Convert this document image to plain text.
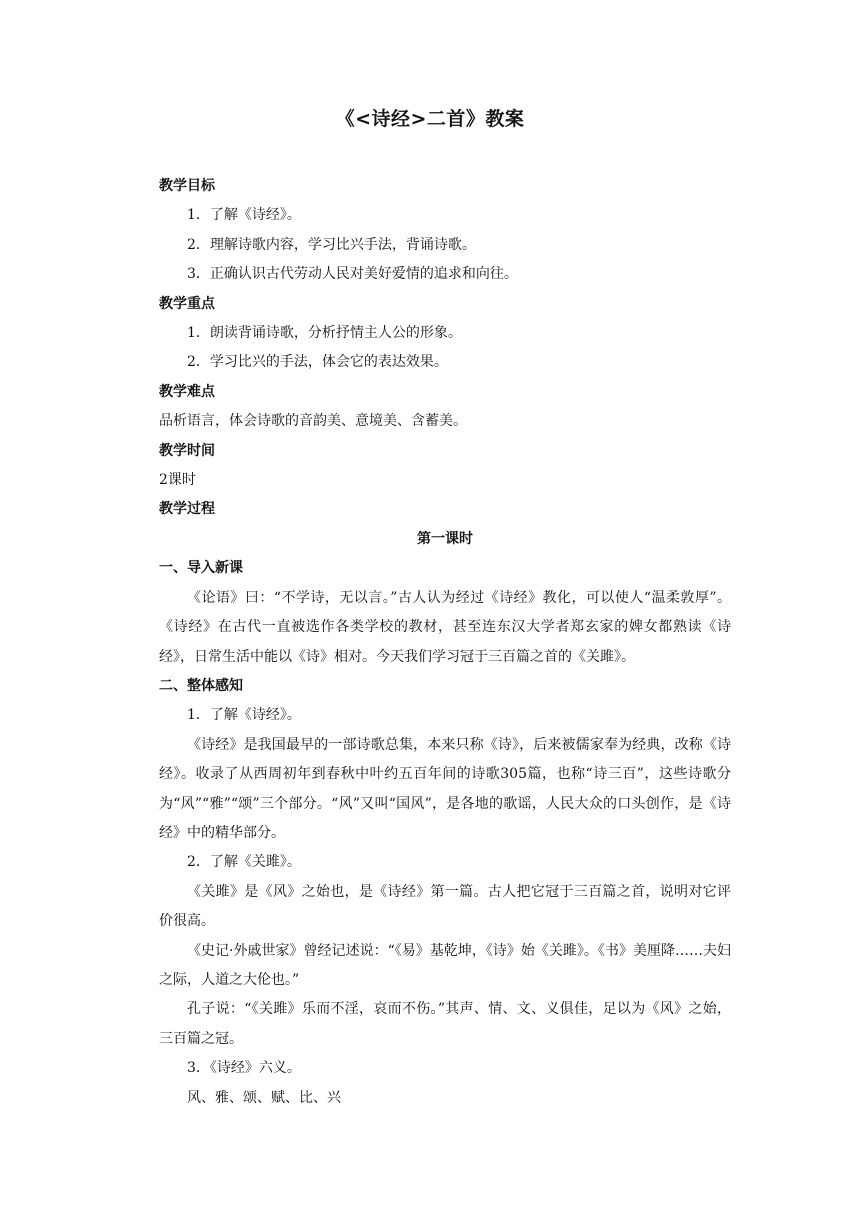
《<诗经>二首》教案

教学目标

1．了解《诗经》。

2．理解诗歌内容，学习比兴手法，背诵诗歌。

3．正确认识古代劳动人民对美好爱情的追求和向往。

教学重点

1．朗读背诵诗歌，分析抒情主人公的形象。

2．学习比兴的手法，体会它的表达效果。

教学难点

品析语言，体会诗歌的音韵美、意境美、含蓄美。

教学时间

2课时

教学过程

第一课时

一、导入新课

《论语》曰：“不学诗，无以言。”古人认为经过《诗经》教化，可以使人“温柔敦厚”。《诗经》在古代一直被选作各类学校的教材，甚至连东汉大学者郑玄家的婢女都熟读《诗经》，日常生活中能以《诗》相对。今天我们学习冠于三百篇之首的《关雎》。

二、整体感知

1．了解《诗经》。

《诗经》是我国最早的一部诗歌总集，本来只称《诗》，后来被儒家奉为经典，改称《诗经》。收录了从西周初年到春秋中叶约五百年间的诗歌305篇，也称“诗三百”，这些诗歌分为“风”“雅”“颂”三个部分。“风”又叫“国风”，是各地的歌谣，人民大众的口头创作，是《诗经》中的精华部分。

2．了解《关雎》。

《关雎》是《风》之始也，是《诗经》第一篇。古人把它冠于三百篇之首，说明对它评价很高。

《史记·外戚世家》曾经记述说：“《易》基乾坤，《诗》始《关雎》。《书》美厘降……夫妇之际，人道之大伦也。”

孔子说：“《关雎》乐而不淫，哀而不伤。”其声、情、文、义俱佳，足以为《风》之始，三百篇之冠。

3．《诗经》六义。

风、雅、颂、赋、比、兴
